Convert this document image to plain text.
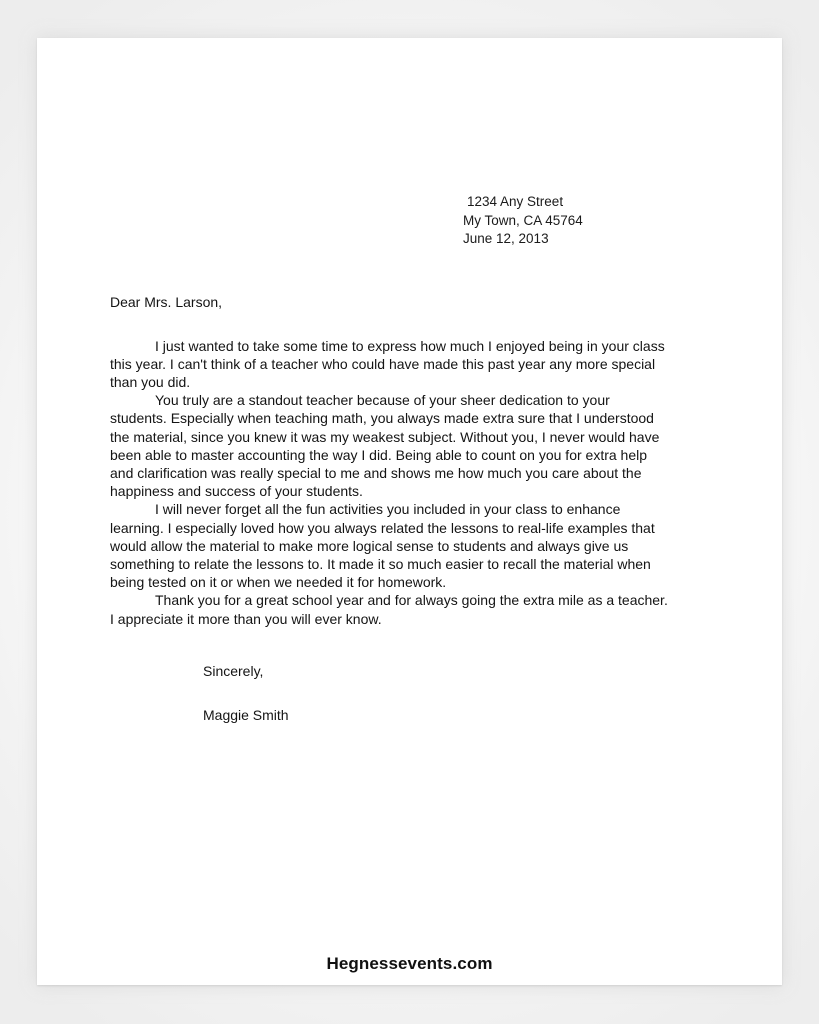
1234 Any Street
My Town, CA 45764
June 12, 2013
Dear Mrs. Larson,

I just wanted to take some time to express how much I enjoyed being in your class this year. I can't think of a teacher who could have made this past year any more special than you did.

You truly are a standout teacher because of your sheer dedication to your students. Especially when teaching math, you always made extra sure that I understood the material, since you knew it was my weakest subject. Without you, I never would have been able to master accounting the way I did. Being able to count on you for extra help and clarification was really special to me and shows me how much you care about the happiness and success of your students.

I will never forget all the fun activities you included in your class to enhance learning. I especially loved how you always related the lessons to real-life examples that would allow the material to make more logical sense to students and always give us something to relate the lessons to. It made it so much easier to recall the material when being tested on it or when we needed it for homework.

Thank you for a great school year and for always going the extra mile as a teacher. I appreciate it more than you will ever know.

Sincerely,
Maggie Smith
Hegnessevents.com
